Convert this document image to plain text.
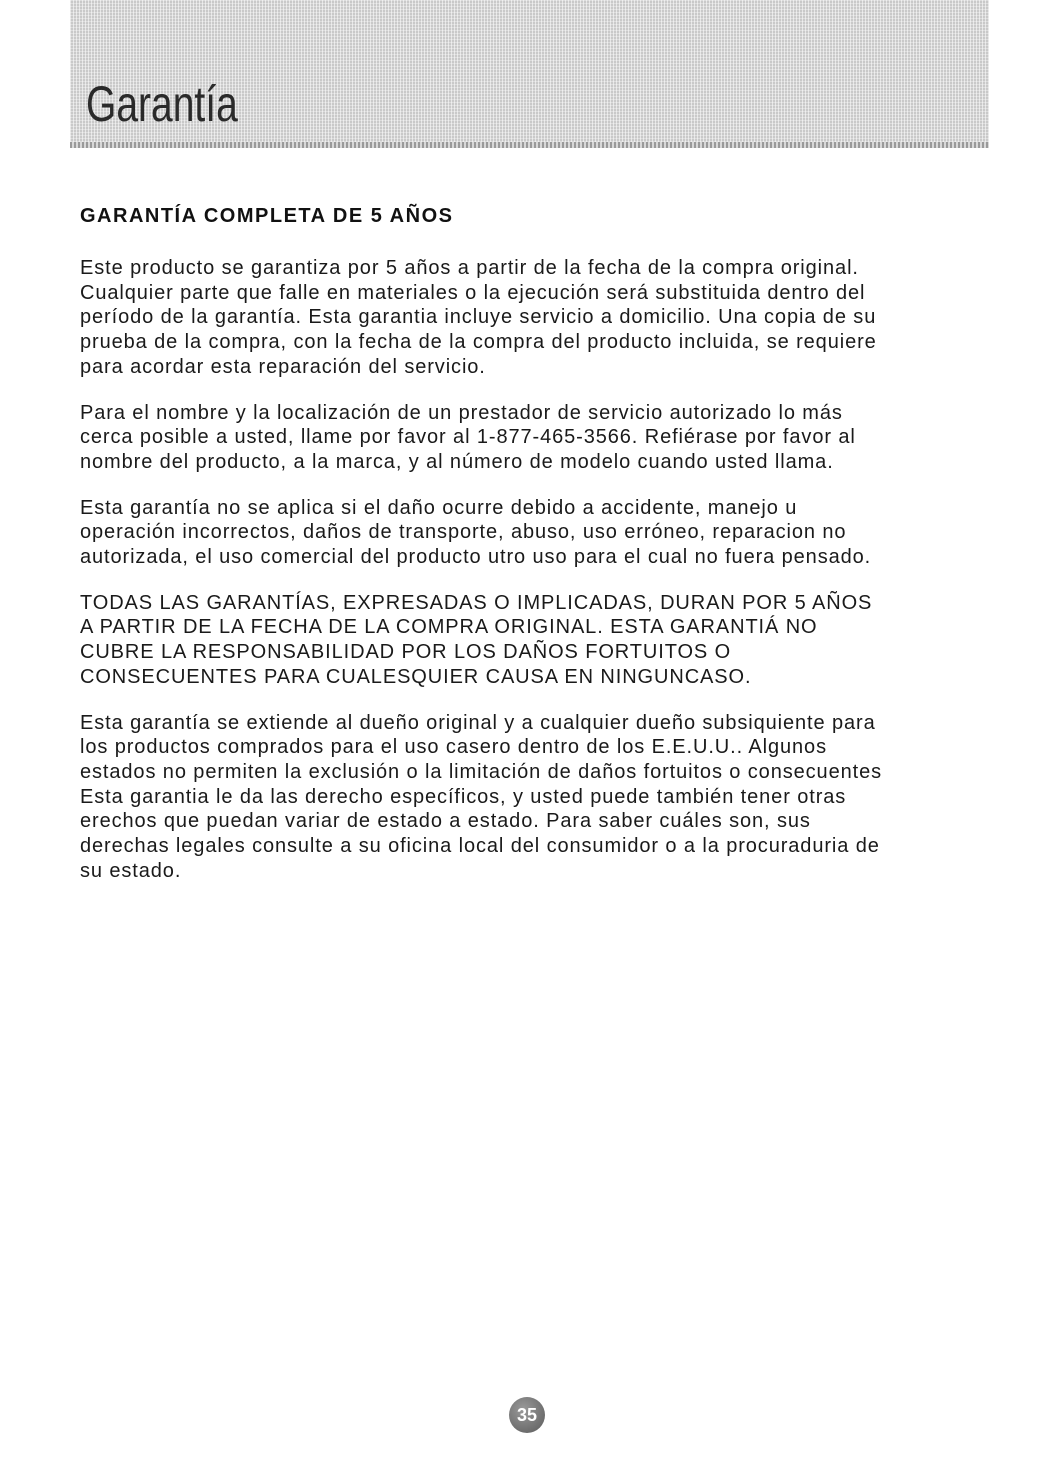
Garantía
GARANTÍA COMPLETA DE 5 AÑOS

Este producto se garantiza por 5 años a partir de la fecha de la compra original.
Cualquier parte que falle en materiales o la ejecución será substituida dentro del
período de la garantía. Esta garantia incluye servicio a domicilio. Una copia de su
prueba de la compra, con la fecha de la compra del producto incluida, se requiere
para acordar esta reparación del servicio.

Para el nombre y la localización de un prestador de servicio autorizado lo más
cerca posible a usted, llame por favor al 1-877-465-3566. Refiérase por favor al
nombre del producto, a la marca, y al número de modelo cuando usted llama.

Esta garantía no se aplica si el daño ocurre debido a accidente, manejo u
operación incorrectos, daños de transporte, abuso, uso erróneo, reparacion no
autorizada, el uso comercial del producto utro uso para el cual no fuera pensado.

TODAS LAS GARANTÍAS, EXPRESADAS O IMPLICADAS, DURAN POR 5 AÑOS
A PARTIR DE LA FECHA DE LA COMPRA ORIGINAL. ESTA GARANTIÁ NO
CUBRE LA RESPONSABILIDAD POR LOS DAÑOS FORTUITOS O
CONSECUENTES PARA CUALESQUIER CAUSA EN NINGUNCASO.

Esta garantía se extiende al dueño original y a cualquier dueño subsiquiente para
los productos comprados para el uso casero dentro de los E.E.U.U.. Algunos
estados no permiten la exclusión o la limitación de daños fortuitos o consecuentes
Esta garantia le da las derecho específicos, y usted puede también tener otras
erechos que puedan variar de estado a estado. Para saber cuáles son, sus
derechas legales consulte a su oficina local del consumidor o a la procuraduria de
su estado.

35
